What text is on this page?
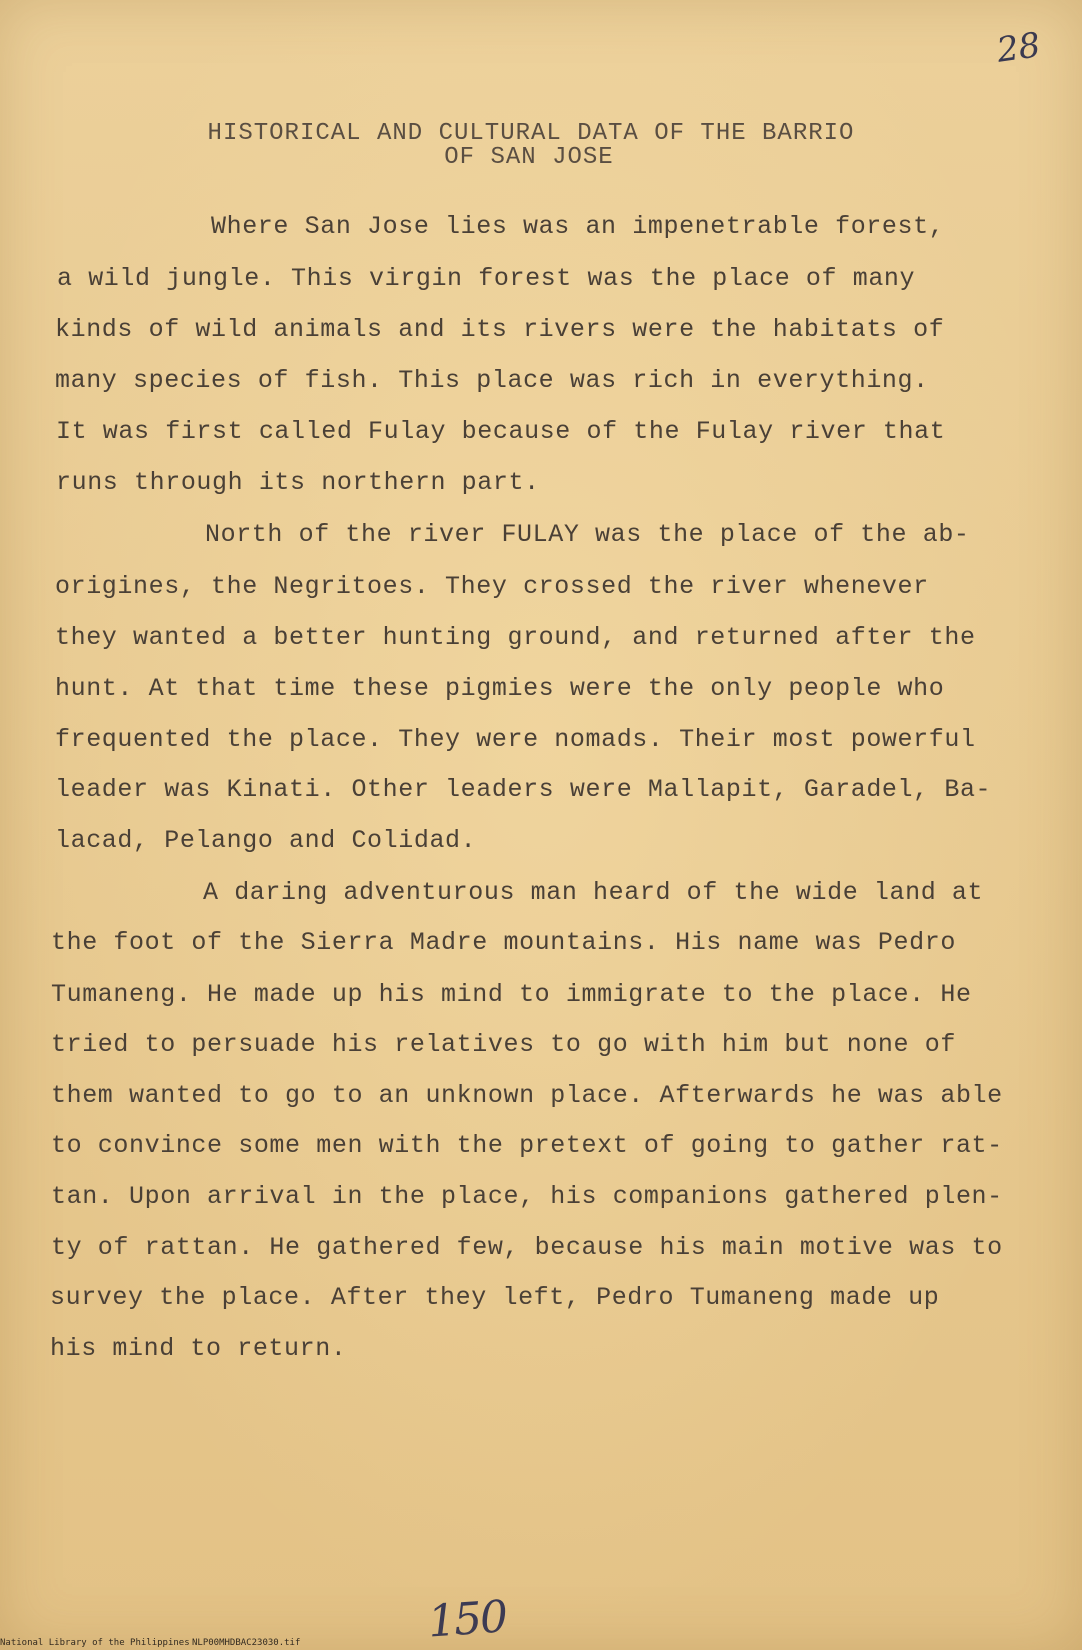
28
HISTORICAL AND CULTURAL DATA OF THE BARRIO
OF SAN JOSE
Where San Jose lies was an impenetrable forest,
a wild jungle. This virgin forest was the place of many
kinds of wild animals and its rivers were the habitats of
many species of fish. This place was rich in everything.
It was first called Fulay because of the Fulay river that
runs through its northern part.
North of the river FULAY was the place of the ab-
origines, the Negritoes. They crossed the river whenever
they wanted a better hunting ground, and returned after the
hunt. At that time these pigmies were the only people who
frequented the place. They were nomads. Their most powerful
leader was Kinati. Other leaders were Mallapit, Garadel, Ba-
lacad, Pelango and Colidad.
A daring adventurous man heard of the wide land at
the foot of the Sierra Madre mountains. His name was Pedro
Tumaneng. He made up his mind to immigrate to the place. He
tried to persuade his relatives to go with him but none of
them wanted to go to an unknown place. Afterwards he was able
to convince some men with the pretext of going to gather rat-
tan. Upon arrival in the place, his companions gathered plen-
ty of rattan. He gathered few, because his main motive was to
survey the place. After they left, Pedro Tumaneng made up
his mind to return.
150
National Library of the Philippines NLP00MHDBAC23030.tif
